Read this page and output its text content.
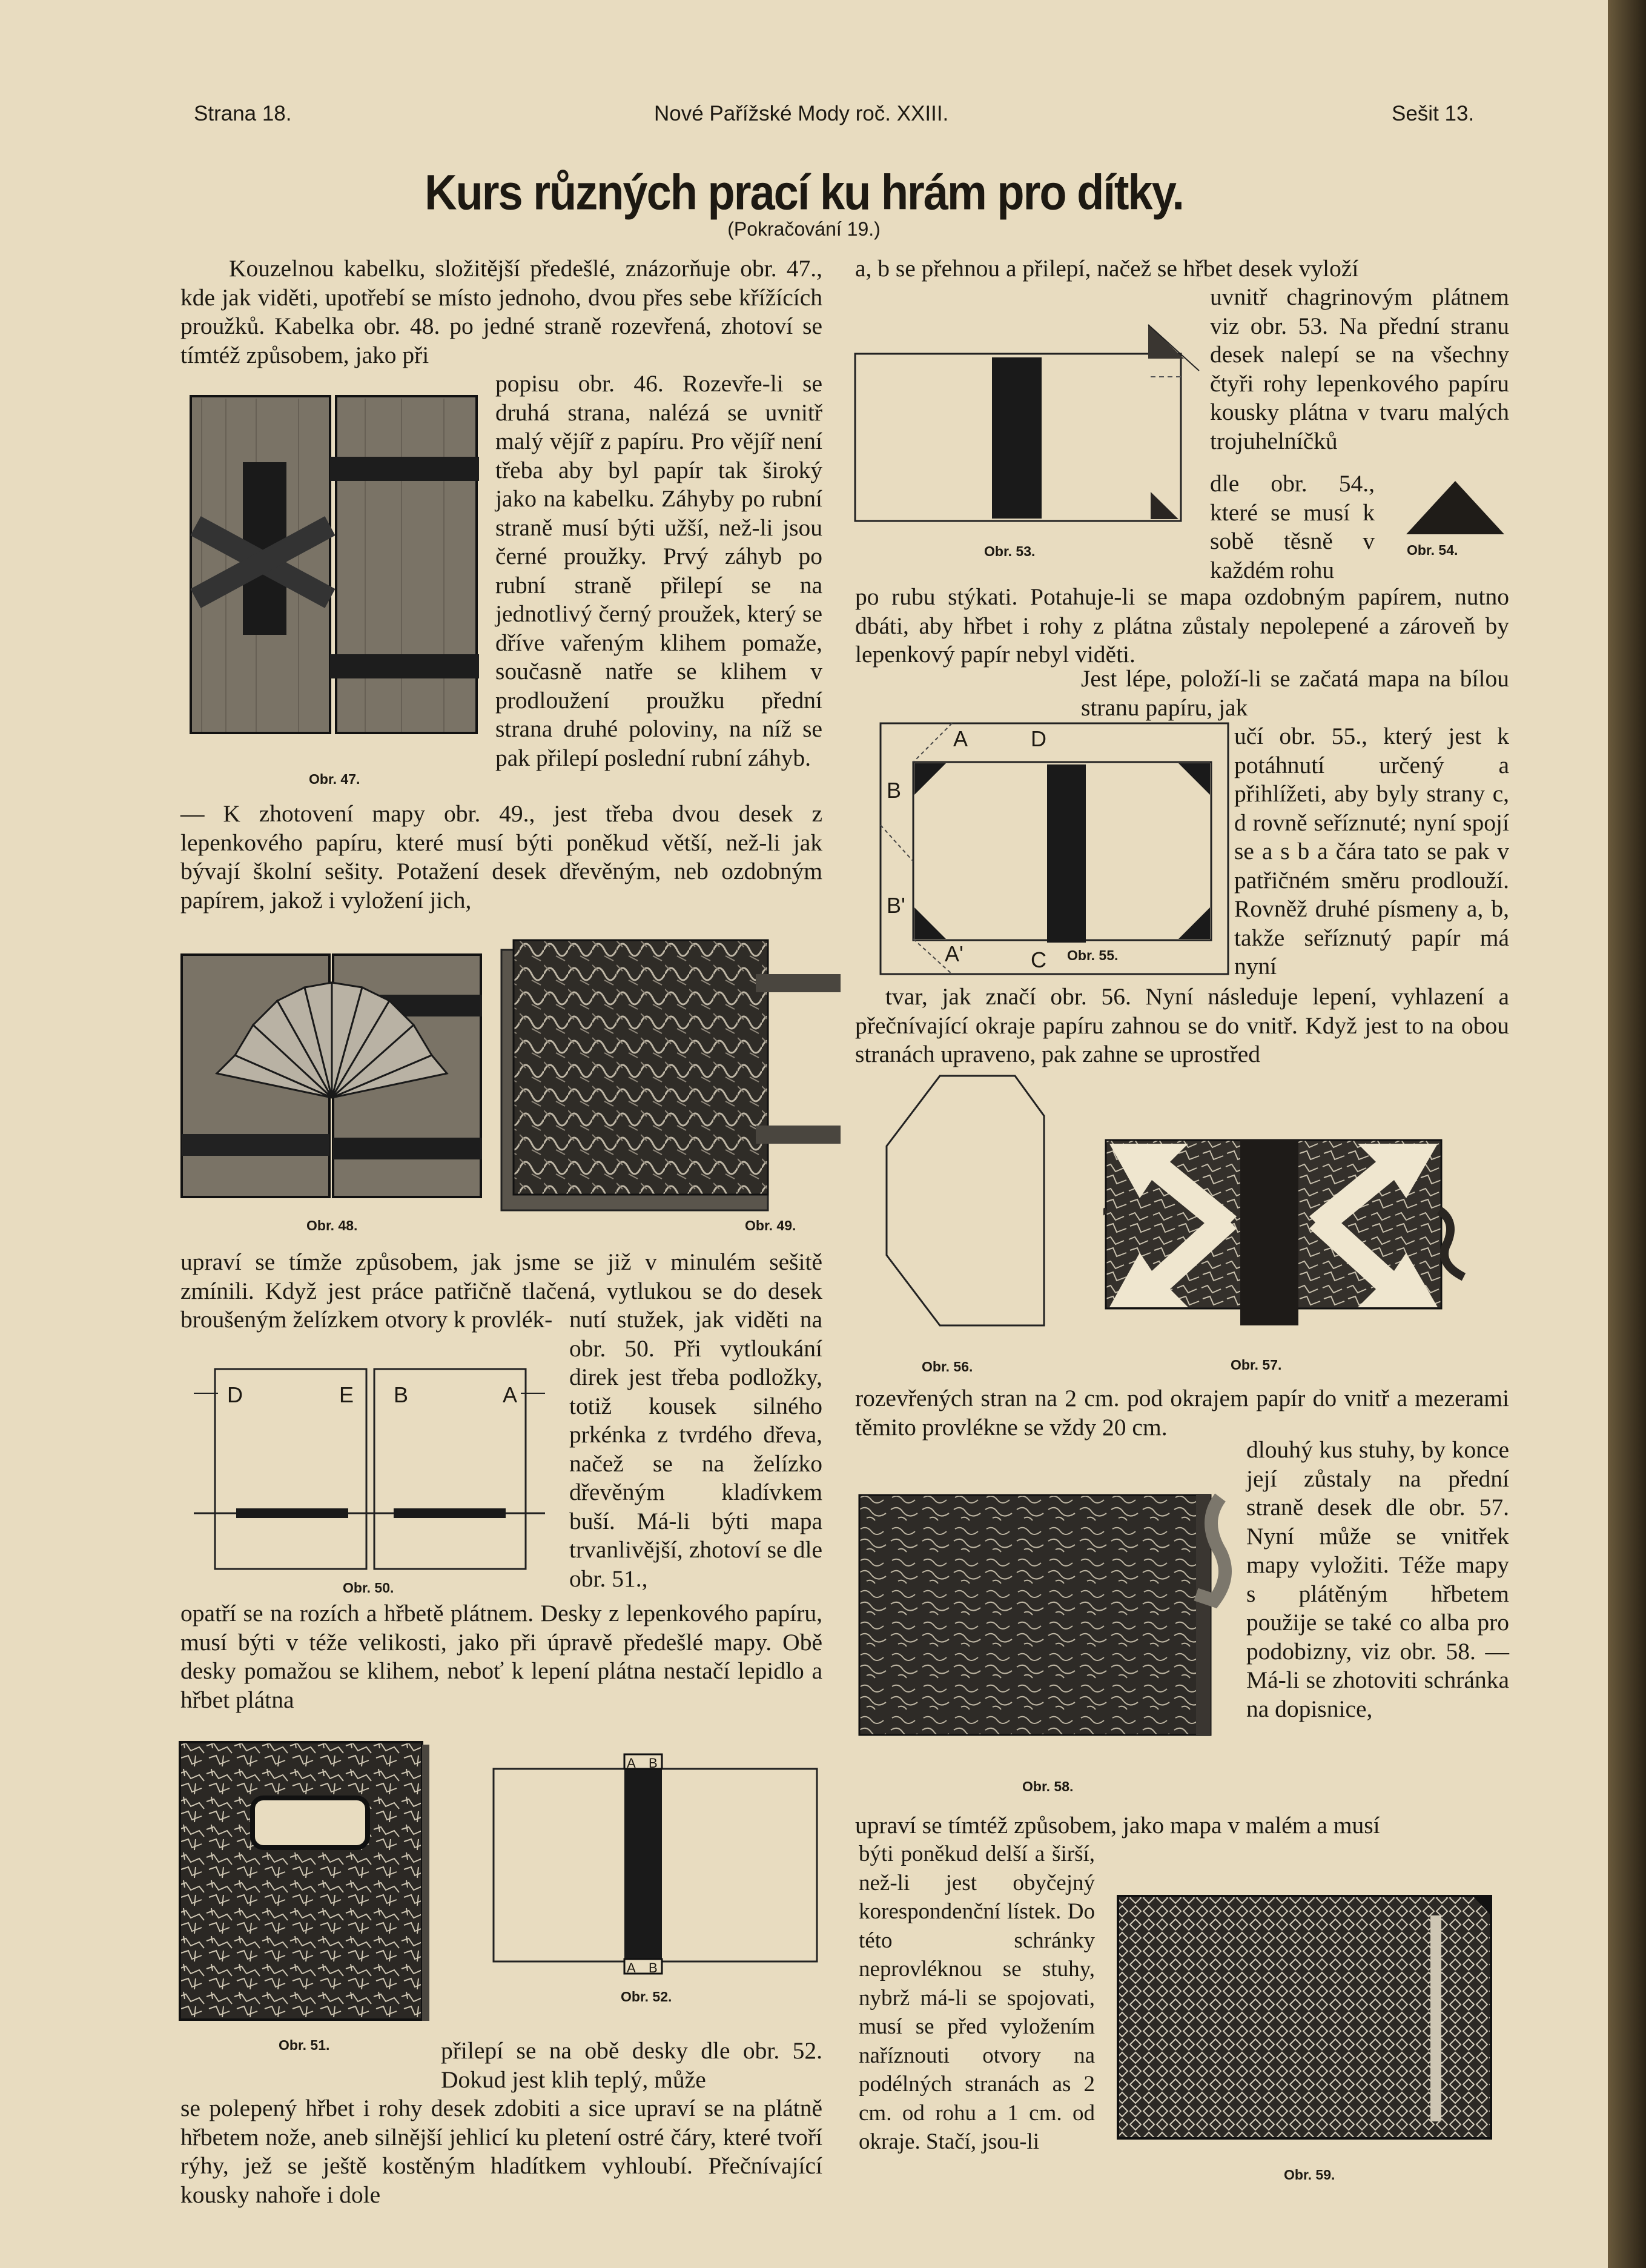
Strana 18.	Nové Pařížské Mody roč. XXIII.	Sešit 13.
Kurs různých prací ku hrám pro dítky.
(Pokračování 19.)
Kouzelnou kabelku, složitější předešlé, znázorňuje obr. 47., kde jak viděti, upotřebí se místo jednoho, dvou přes sebe křížících proužků. Kabelka obr. 48. po jedné straně rozevřená, zhotoví se tímtéž způsobem, jako při
popisu obr. 46. Rozevře-li se druhá strana, nalézá se uvnitř malý vějíř z papíru. Pro vějíř není třeba aby byl papír tak široký jako na kabelku. Záhyby po rubní straně musí býti užší, než-li jsou černé proužky. Prvý záhyb po rubní straně přilepí se na jednotlivý černý proužek, který se dříve vařeným klihem pomaže, současně natře se klihem v prodloužení proužku přední strana druhé poloviny, na níž se pak přilepí poslední rubní záhyb.
— K zhotovení mapy obr. 49., jest třeba dvou desek z lepenkového papíru, které musí býti poněkud větší, než-li jak bývají školní sešity. Potažení desek dřevěným, neb ozdobným papírem, jakož i vyložení jich,
Obr. 47.
Obr. 48.	Obr. 49.
upraví se tímže způsobem, jak jsme se již v minulém sešitě zmínili. Když jest práce patřičně tlačená, vytlukou se do desek broušeným želízkem otvory k provlék- nutí stužek, jak viděti na obr. 50. Při vytloukání direk jest třeba podložky, totiž kousek silného prkénka z tvrdého dřeva, načež se na želízko dřevěným kladívkem buší. Má-li býti mapa trvanlivější, zhotoví se dle obr. 51.,
D	E B	A
Obr. 50.
opatří se na rozích a hřbetě plátnem. Desky z lepenkového papíru, musí býti v téže velikosti, jako při úpravě předešlé mapy. Obě desky pomažou se klihem, neboť k lepení plátna nestačí lepidlo a hřbet plátna
Obr. 51.
A B
A B
Obr. 52.
přilepí se na obě desky dle obr. 52. Dokud jest klih teplý, může
se polepený hřbet i rohy desek zdobiti a sice upraví se na plátně hřbetem nože, aneb silnější jehlicí ku pletení ostré čáry, které tvoří rýhy, jež se ještě kostěným hladítkem vyhloubí. Přečnívající kousky nahoře i dole
a, b se přehnou a přilepí, načež se hřbet desek vyloží
uvnitř chagrinovým plátnem viz obr. 53. Na přední stranu desek nalepí se na všechny čtyři rohy lepenkového papíru kousky plátna v tvaru malých trojuhelníčků
dle obr. 54., které se musí k sobě těsně v každém rohu
Obr. 53.	Obr. 54.
po rubu stýkati. Potahuje-li se mapa ozdobným papírem, nutno dbáti, aby hřbet i rohy z plátna zůstaly nepolepené a zároveň by lepenkový papír nebyl viděti.
Jest lépe, položí-li se začatá mapa na bílou stranu papíru, jak
A	D
B
B'
A'	C Obr. 55.
učí obr. 55., který jest k potáhnutí určený a přihlížeti, aby byly strany c, d rovně seříznuté; nyní spojí se a s b a čára tato se pak v patřičném směru prodlouží. Rovněž druhé písmeny a, b, takže seříznutý papír má nyní
tvar, jak značí obr. 56. Nyní následuje lepení, vyhlazení a přečnívající okraje papíru zahnou se do vnitř. Když jest to na obou stranách upraveno, pak zahne se uprostřed
Obr. 56.	Obr. 57.
rozevřených stran na 2 cm. pod okrajem papír do vnitř a mezerami těmito provlékne se vždy 20 cm.
dlouhý kus stuhy, by konce její zůstaly na přední straně desek dle obr. 57. Nyní může se vnitřek mapy vyložiti. Téže mapy s plátěným hřbetem použije se také co alba pro podobizny, viz obr. 58. — Má-li se zhotoviti schránka na dopisnice,
Obr. 58.
upraví se tímtéž způsobem, jako mapa v malém a musí
býti poněkud delší a širší, než-li jest obyčejný korespondenční lístek. Do této schránky neprovléknou se stuhy, nybrž má-li se spojovati, musí se před vyložením naříznouti otvory na podélných stranách as 2 cm. od rohu a 1 cm. od okraje. Stačí, jsou-li
Obr. 59.
